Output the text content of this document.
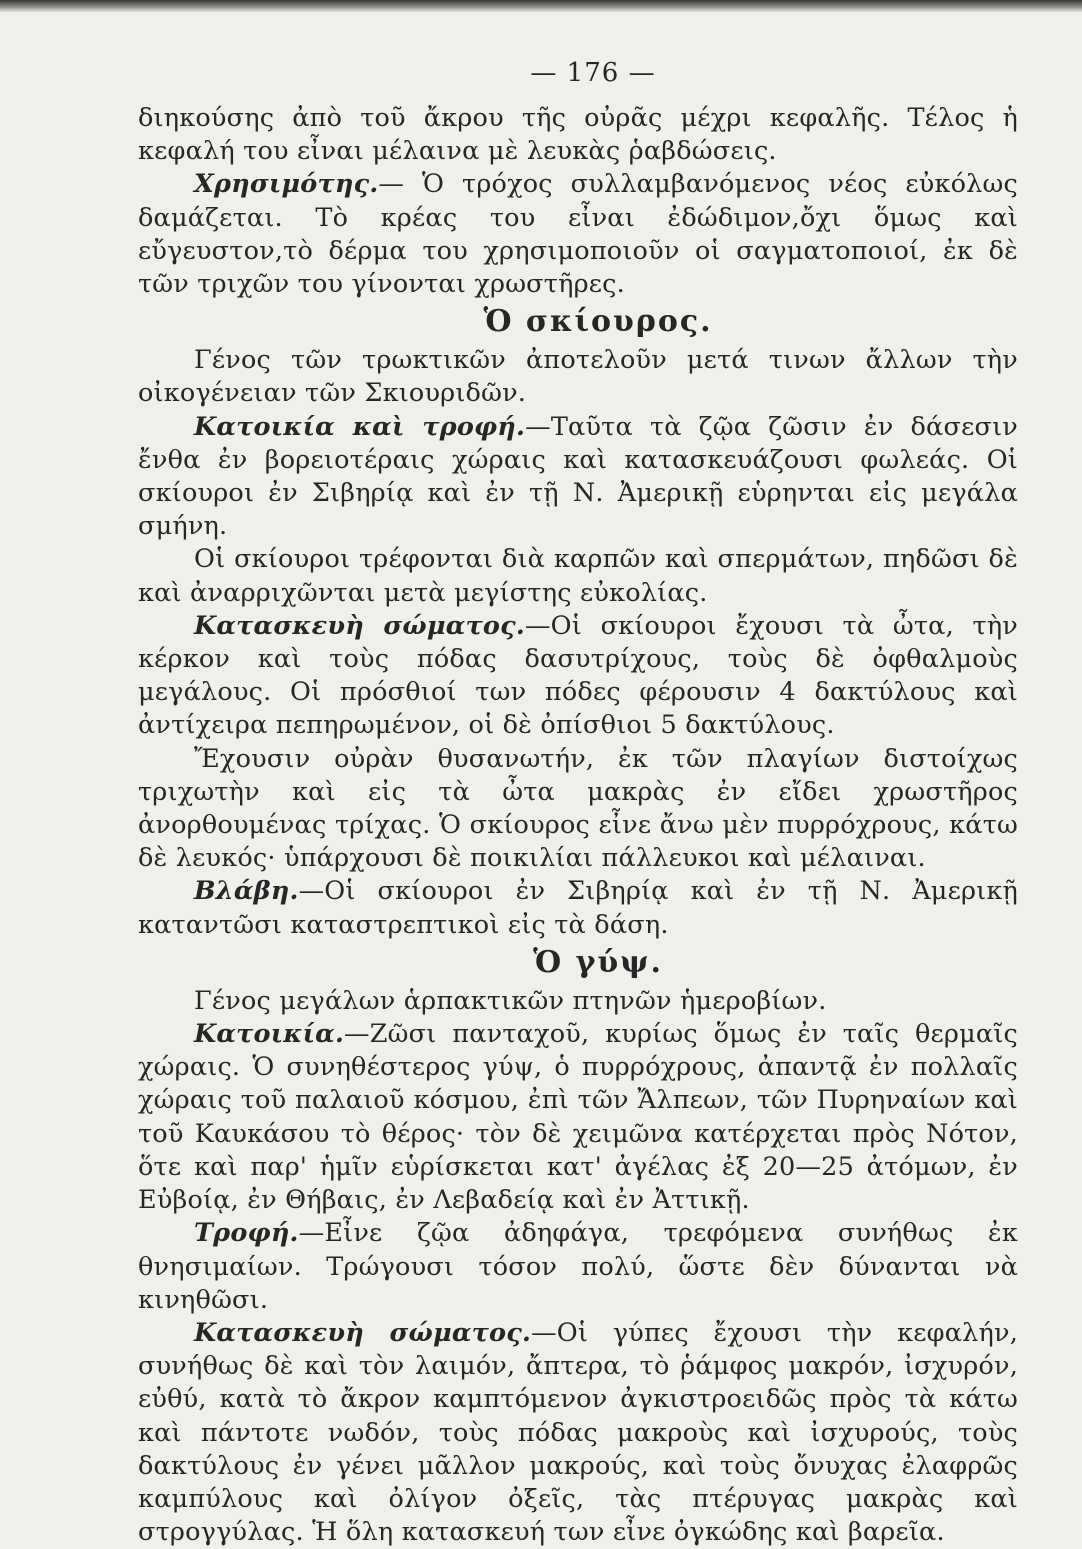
— 176 —

διηκούσης ἀπὸ τοῦ ἄκρου τῆς οὐρᾶς μέχρι κεφαλῆς. Τέλος ἡ κεφαλή του εἶναι μέλαινα μὲ λευκὰς ῥαβδώσεις.

Χρησιμότης.— Ὁ τρόχος συλλαμβανόμενος νέος εὐκόλως δαμάζεται. Τὸ κρέας του εἶναι ἐδώδιμον,ὄχι ὅμως καὶ εὔγευστον,τὸ δέρμα του χρησιμοποιοῦν οἱ σαγματοποιοί, ἐκ δὲ τῶν τριχῶν του γίνονται χρωστῆρες.

Ὁ σκίουρος.

Γένος τῶν τρωκτικῶν ἀποτελοῦν μετά τινων ἄλλων τὴν οἰκογένειαν τῶν Σκιουριδῶν.

Κατοικία καὶ τροφή.—Ταῦτα τὰ ζῷα ζῶσιν ἐν δάσεσιν ἔνθα ἐν βορειοτέραις χώραις καὶ κατασκευάζουσι φωλεάς. Οἱ σκίουροι ἐν Σιβηρίᾳ καὶ ἐν τῇ Ν. Ἀμερικῇ εὑρηνται εἰς μεγάλα σμήνη.

Οἱ σκίουροι τρέφονται διὰ καρπῶν καὶ σπερμάτων, πηδῶσι δὲ καὶ ἀναρριχῶνται μετὰ μεγίστης εὐκολίας.

Κατασκευὴ σώματος.—Οἱ σκίουροι ἔχουσι τὰ ὦτα, τὴν κέρκον καὶ τοὺς πόδας δασυτρίχους, τοὺς δὲ ὀφθαλμοὺς μεγάλους. Οἱ πρόσθιοί των πόδες φέρουσιν 4 δακτύλους καὶ ἀντίχειρα πεπηρωμένον, οἱ δὲ ὀπίσθιοι 5 δακτύλους.

Ἔχουσιν οὐρὰν θυσανωτήν, ἐκ τῶν πλαγίων διστοίχως τριχωτὴν καὶ εἰς τὰ ὦτα μακρὰς ἐν εἴδει χρωστῆρος ἀνορθουμένας τρίχας. Ὁ σκίουρος εἶνε ἄνω μὲν πυρρόχρους, κάτω δὲ λευκός· ὑπάρχουσι δὲ ποικιλίαι πάλλευκοι καὶ μέλαιναι.

Βλάβη.—Οἱ σκίουροι ἐν Σιβηρίᾳ καὶ ἐν τῇ Ν. Ἀμερικῇ καταντῶσι καταστρεπτικοὶ εἰς τὰ δάση.

Ὁ γύψ.

Γένος μεγάλων ἁρπακτικῶν πτηνῶν ἡμεροβίων.

Κατοικία.—Ζῶσι πανταχοῦ, κυρίως ὅμως ἐν ταῖς θερμαῖς χώραις. Ὁ συνηθέστερος γύψ, ὁ πυρρόχρους, ἀπαντᾷ ἐν πολλαῖς χώραις τοῦ παλαιοῦ κόσμου, ἐπὶ τῶν Ἄλπεων, τῶν Πυρηναίων καὶ τοῦ Καυκάσου τὸ θέρος· τὸν δὲ χειμῶνα κατέρχεται πρὸς Νότον, ὅτε καὶ παρ' ἡμῖν εὑρίσκεται κατ' ἀγέλας ἐξ 20—25 ἀτόμων, ἐν Εὐβοίᾳ, ἐν Θήβαις, ἐν Λεβαδείᾳ καὶ ἐν Ἀττικῇ.

Τροφή.—Εἶνε ζῷα ἀδηφάγα, τρεφόμενα συνήθως ἐκ θνησιμαίων. Τρώγουσι τόσον πολύ, ὥστε δὲν δύνανται νὰ κινηθῶσι.

Κατασκευὴ σώματος.—Οἱ γύπες ἔχουσι τὴν κεφαλήν, συνήθως δὲ καὶ τὸν λαιμόν, ἄπτερα, τὸ ῥάμφος μακρόν, ἰσχυρόν, εὐθύ, κατὰ τὸ ἄκρον καμπτόμενον ἀγκιστροειδῶς πρὸς τὰ κάτω καὶ πάντοτε νωδόν, τοὺς πόδας μακροὺς καὶ ἰσχυρούς, τοὺς δακτύλους ἐν γένει μᾶλλον μακρούς, καὶ τοὺς ὄνυχας ἐλαφρῶς καμπύλους καὶ ὀλίγον ὀξεῖς, τὰς πτέρυγας μακρὰς καὶ στρογγύλας. Ἡ ὅλη κατασκευή των εἶνε ὀγκώδης καὶ βαρεῖα.
